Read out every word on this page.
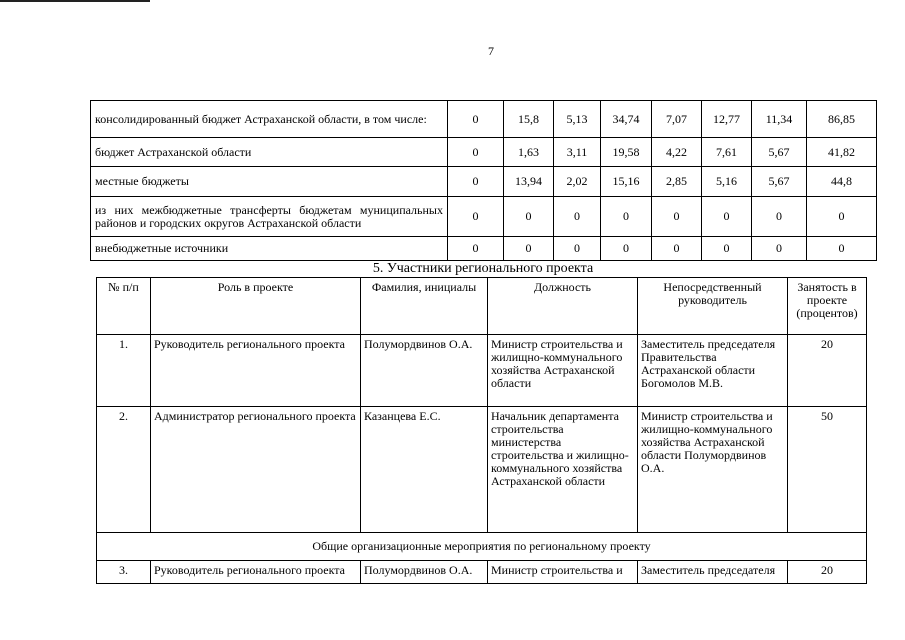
7
консолидированный бюджет Астраханской области, в том числе:	0	15,8	5,13	34,74	7,07	12,77	11,34	86,85
бюджет Астраханской области	0	1,63	3,11	19,58	4,22	7,61	5,67	41,82
местные бюджеты	0	13,94	2,02	15,16	2,85	5,16	5,67	44,8
из них межбюджетные трансферты бюджетам муниципальных районов и городских округов Астраханской области	0	0	0	0	0	0	0	0
внебюджетные источники	0	0	0	0	0	0	0	0
5. Участники регионального проекта
№ п/п	Роль в проекте	Фамилия, инициалы	Должность	Непосредственный руководитель	Занятость в проекте (процентов)
1.	Руководитель регионального проекта	Полумордвинов О.А.	Министр строительства и жилищно-коммунального хозяйства Астраханской области	Заместитель председателя Правительства Астраханской области Богомолов М.В.	20
2.	Администратор регионального проекта	Казанцева Е.С.	Начальник департамента строительства министерства строительства и жилищно-коммунального хозяйства Астраханской области	Министр строительства и жилищно-коммунального хозяйства Астраханской области Полумордвинов О.А.	50
Общие организационные мероприятия по региональному проекту					
3.	Руководитель регионального проекта	Полумордвинов О.А.	Министр строительства и	Заместитель председателя	20
